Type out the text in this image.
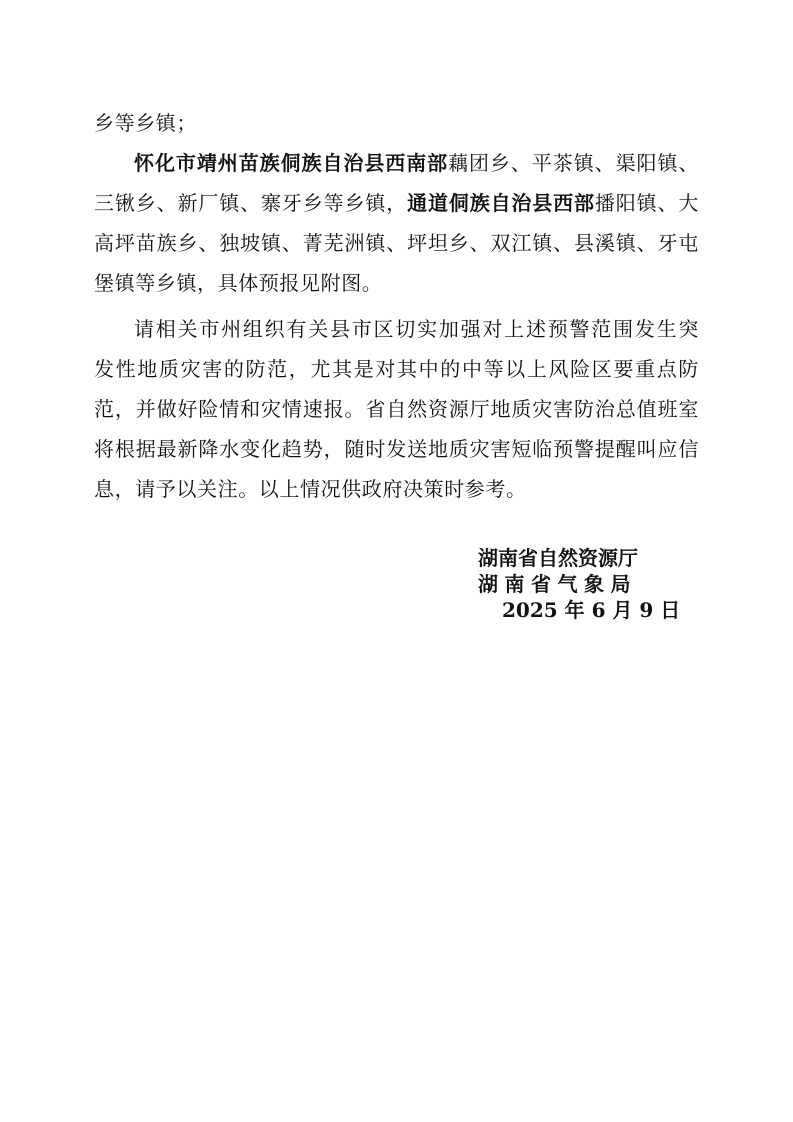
乡等乡镇；
怀化市靖州苗族侗族自治县西南部藕团乡、平茶镇、渠阳镇、
三锹乡、新厂镇、寨牙乡等乡镇，通道侗族自治县西部播阳镇、大
高坪苗族乡、独坡镇、菁芜洲镇、坪坦乡、双江镇、县溪镇、牙屯
堡镇等乡镇，具体预报见附图。
请相关市州组织有关县市区切实加强对上述预警范围发生突
发性地质灾害的防范，尤其是对其中的中等以上风险区要重点防
范，并做好险情和灾情速报。省自然资源厅地质灾害防治总值班室
将根据最新降水变化趋势，随时发送地质灾害短临预警提醒叫应信
息，请予以关注。以上情况供政府决策时参考。
湖南省自然资源厅
湖南省气象局
2025 年 6 月 9 日
